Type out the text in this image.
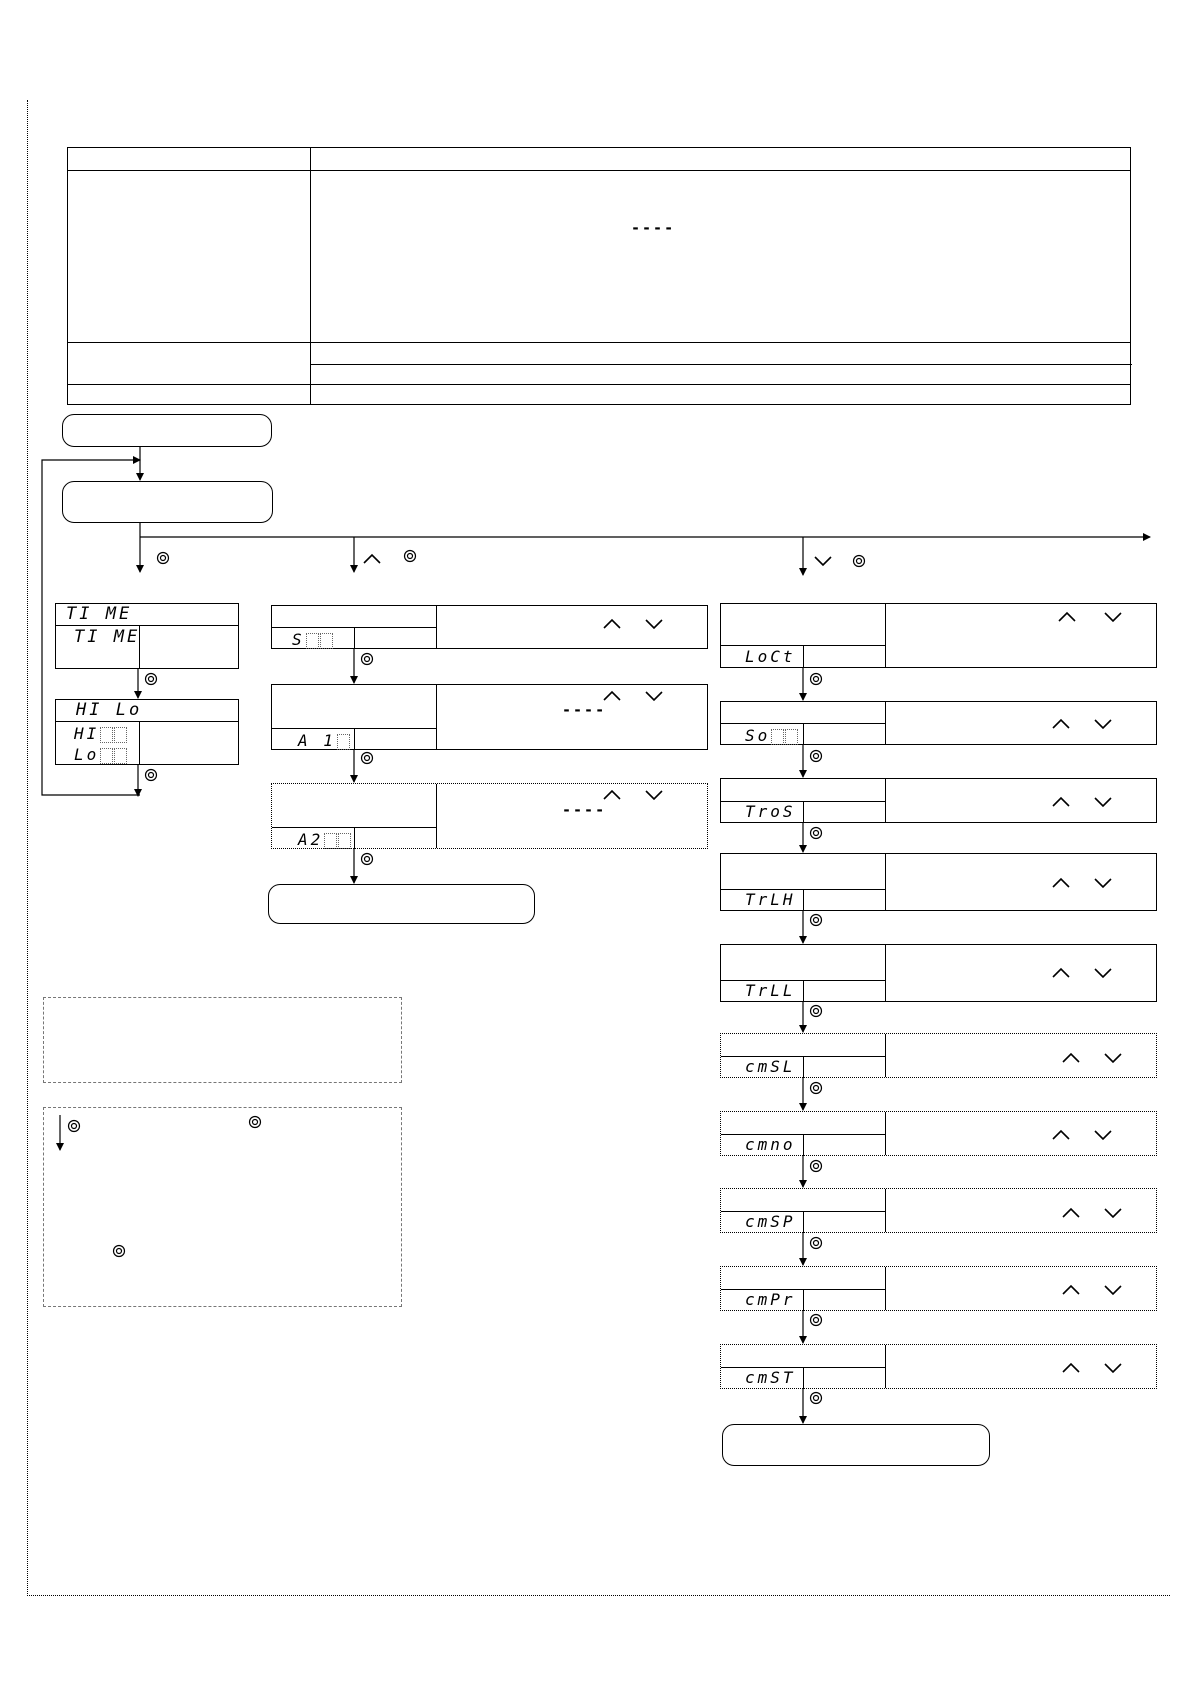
----
TI ME
TI ME
HI Lo
HI
Lo
S
A 1
----
A2
----
LoCt
So
TroS
TrLH
TrLL
cmSL
cmno
cmSP
cmPr
cmST
